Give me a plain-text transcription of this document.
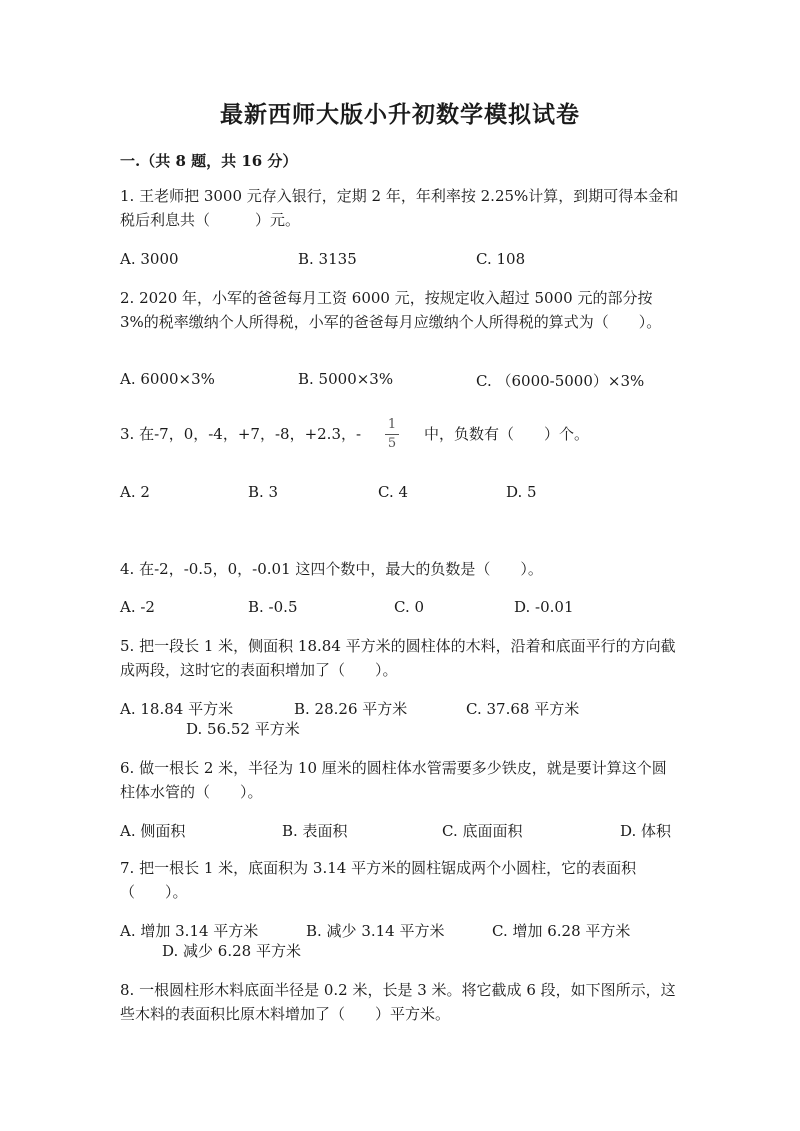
最新西师大版小升初数学模拟试卷
一.（共 8 题，共 16 分）
1. 王老师把 3000 元存入银行，定期 2 年，年利率按 2.25%计算，到期可得本金和税后利息共（　　　）元。
A. 3000	B. 3135	C. 108
2. 2020 年，小军的爸爸每月工资 6000 元，按规定收入超过 5000 元的部分按 3%的税率缴纳个人所得税，小军的爸爸每月应缴纳个人所得税的算式为（　　）。
A. 6000×3%	B. 5000×3%	C. （6000-5000）×3%
3. 在-7，0，-4，+7，-8，+2.3，-
1
5
中，负数有（　　）个。
A. 2	B. 3	C. 4	D. 5
4. 在-2，-0.5，0，-0.01 这四个数中，最大的负数是（　　）。
A. -2	B. -0.5	C. 0	D. -0.01
5. 把一段长 1 米，侧面积 18.84 平方米的圆柱体的木料，沿着和底面平行的方向截成两段，这时它的表面积增加了（　　）。
A. 18.84 平方米	B. 28.26 平方米	C. 37.68 平方米
D. 56.52 平方米
6. 做一根长 2 米，半径为 10 厘米的圆柱体水管需要多少铁皮，就是要计算这个圆柱体水管的（　　）。
A. 侧面积	B. 表面积	C. 底面面积	D. 体积
7. 把一根长 1 米，底面积为 3.14 平方米的圆柱锯成两个小圆柱，它的表面积（　　）。
A. 增加 3.14 平方米	B. 减少 3.14 平方米	C. 增加 6.28 平方米
D. 减少 6.28 平方米
8. 一根圆柱形木料底面半径是 0.2 米，长是 3 米。将它截成 6 段，如下图所示，这些木料的表面积比原木料增加了（　　）平方米。
